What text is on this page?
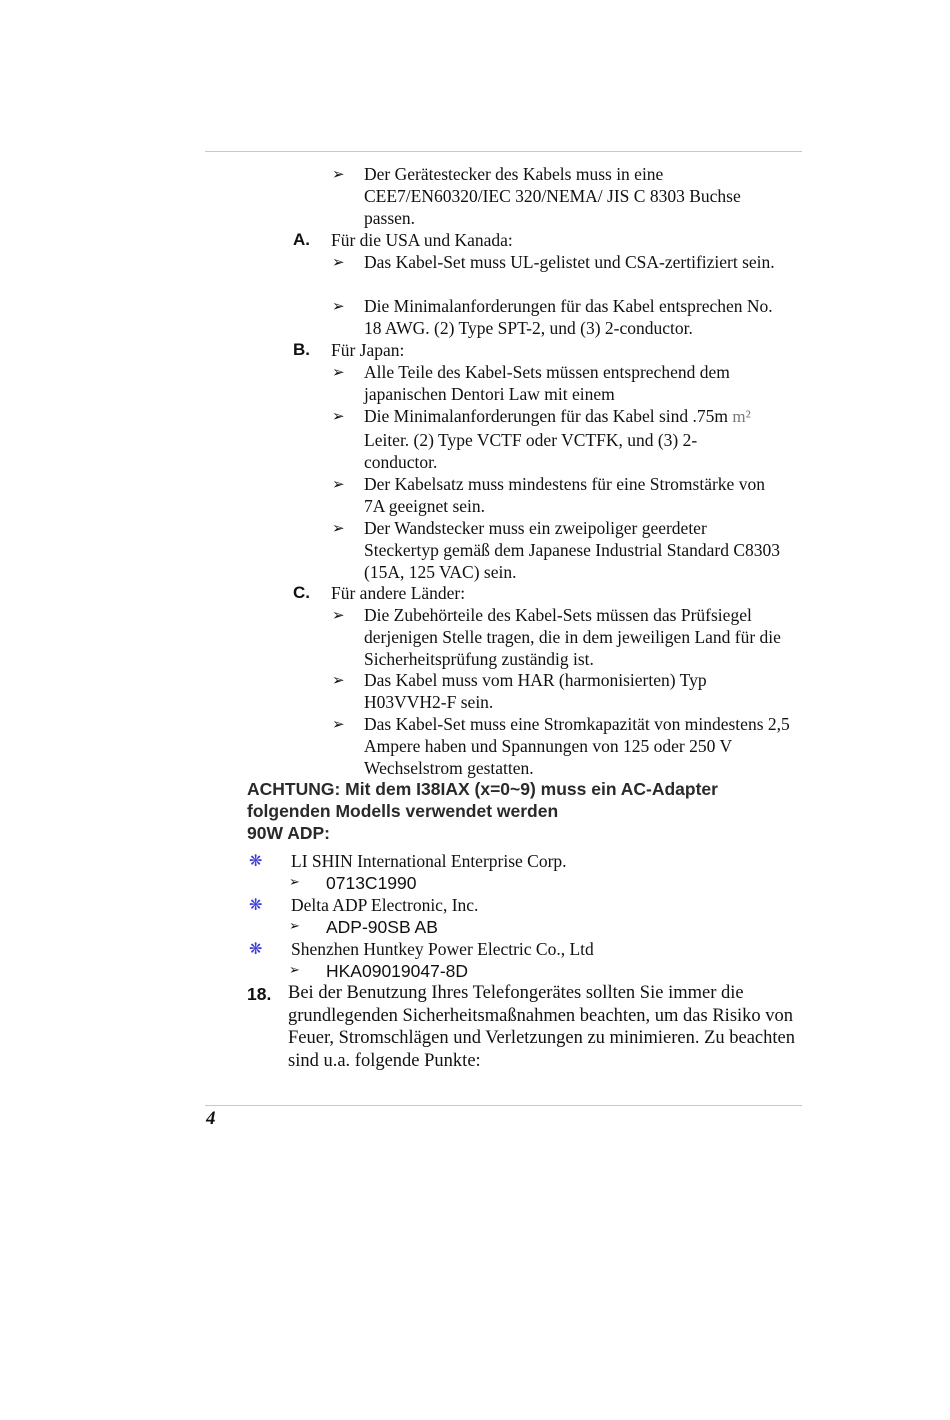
➢ Der Gerätestecker des Kabels muss in eine CEE7/EN60320/IEC 320/NEMA/ JIS C 8303 Buchse passen.
A. Für die USA und Kanada:
➢ Das Kabel-Set muss UL-gelistet und CSA-zertifiziert sein.
➢ Die Minimalanforderungen für das Kabel entsprechen No. 18 AWG. (2) Type SPT-2, und (3) 2-conductor.
B. Für Japan:
➢ Alle Teile des Kabel-Sets müssen entsprechend dem japanischen Dentori Law mit einem
➢ Die Minimalanforderungen für das Kabel sind .75m m²
Leiter. (2) Type VCTF oder VCTFK, und (3) 2-conductor.
➢ Der Kabelsatz muss mindestens für eine Stromstärke von 7A geeignet sein.
➢ Der Wandstecker muss ein zweipoliger geerdeter Steckertyp gemäß dem Japanese Industrial Standard C8303 (15A, 125 VAC) sein.
C. Für andere Länder:
➢ Die Zubehörteile des Kabel-Sets müssen das Prüfsiegel derjenigen Stelle tragen, die in dem jeweiligen Land für die Sicherheitsprüfung zuständig ist.
➢ Das Kabel muss vom HAR (harmonisierten) Typ H03VVH2-F sein.
➢ Das Kabel-Set muss eine Stromkapazität von mindestens 2,5 Ampere haben und Spannungen von 125 oder 250 V Wechselstrom gestatten.
ACHTUNG: Mit dem I38IAX (x=0~9) muss ein AC-Adapter
folgenden Modells verwendet werden
90W ADP:
❋ LI SHIN International Enterprise Corp.
➢ 0713C1990
❋ Delta ADP Electronic, Inc.
➢ ADP-90SB AB
❋ Shenzhen Huntkey Power Electric Co., Ltd
➢ HKA09019047-8D
18. Bei der Benutzung Ihres Telefongerätes sollten Sie immer die grundlegenden Sicherheitsmaßnahmen beachten, um das Risiko von Feuer, Stromschlägen und Verletzungen zu minimieren. Zu beachten sind u.a. folgende Punkte:
4
